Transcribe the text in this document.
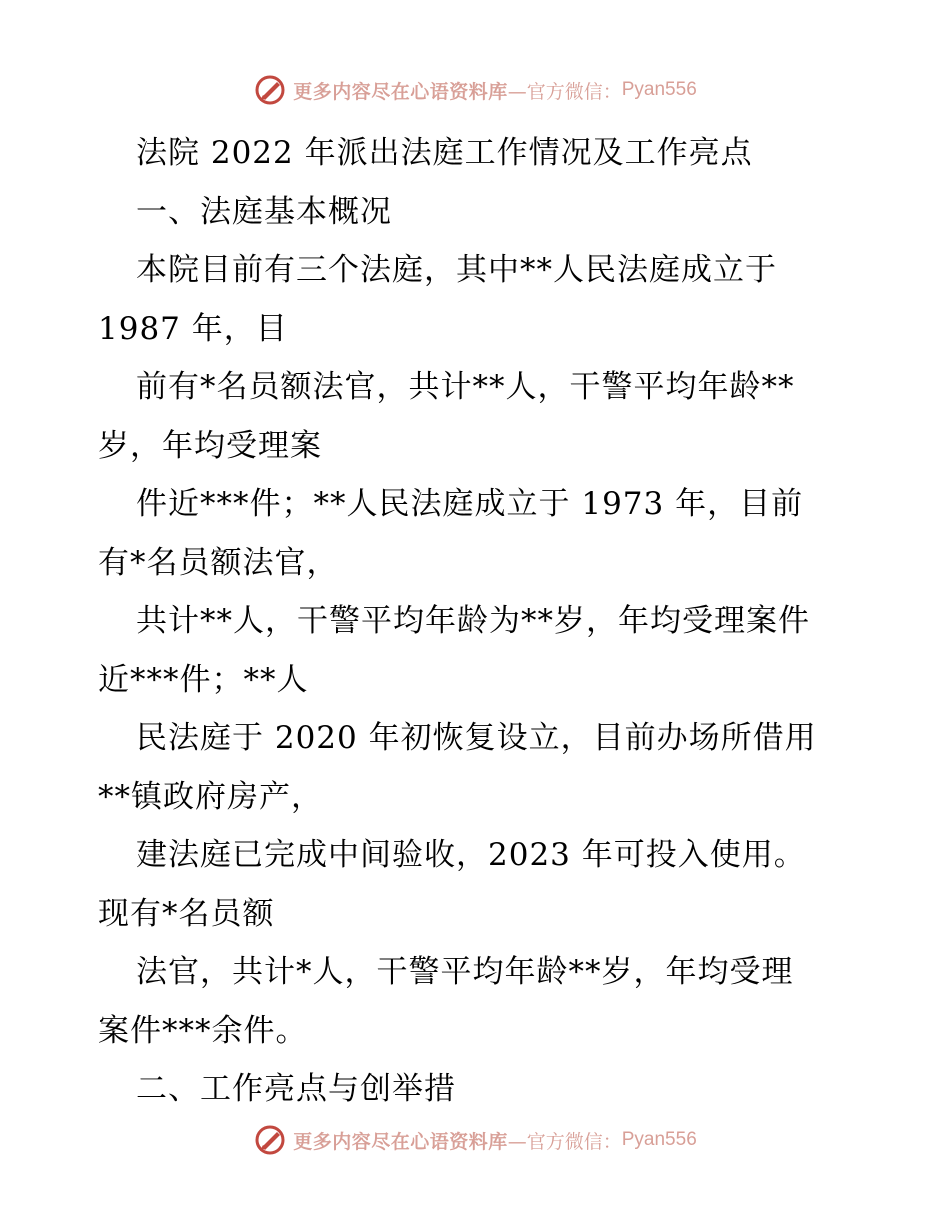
更多内容尽在心语资料库 —官方微信： Pyan556
法院 2022 年派出法庭工作情况及工作亮点
一、法庭基本概况
本院目前有三个法庭，其中**人民法庭成立于
1987 年，目
前有*名员额法官，共计**人，干警平均年龄**
岁，年均受理案
件近***件；**人民法庭成立于 1973 年，目前
有*名员额法官，
共计**人，干警平均年龄为**岁，年均受理案件
近***件；**人
民法庭于 2020 年初恢复设立，目前办场所借用
**镇政府房产，
建法庭已完成中间验收，2023 年可投入使用。
现有*名员额
法官，共计*人，干警平均年龄**岁，年均受理
案件***余件。
二、工作亮点与创举措
更多内容尽在心语资料库 —官方微信： Pyan556
